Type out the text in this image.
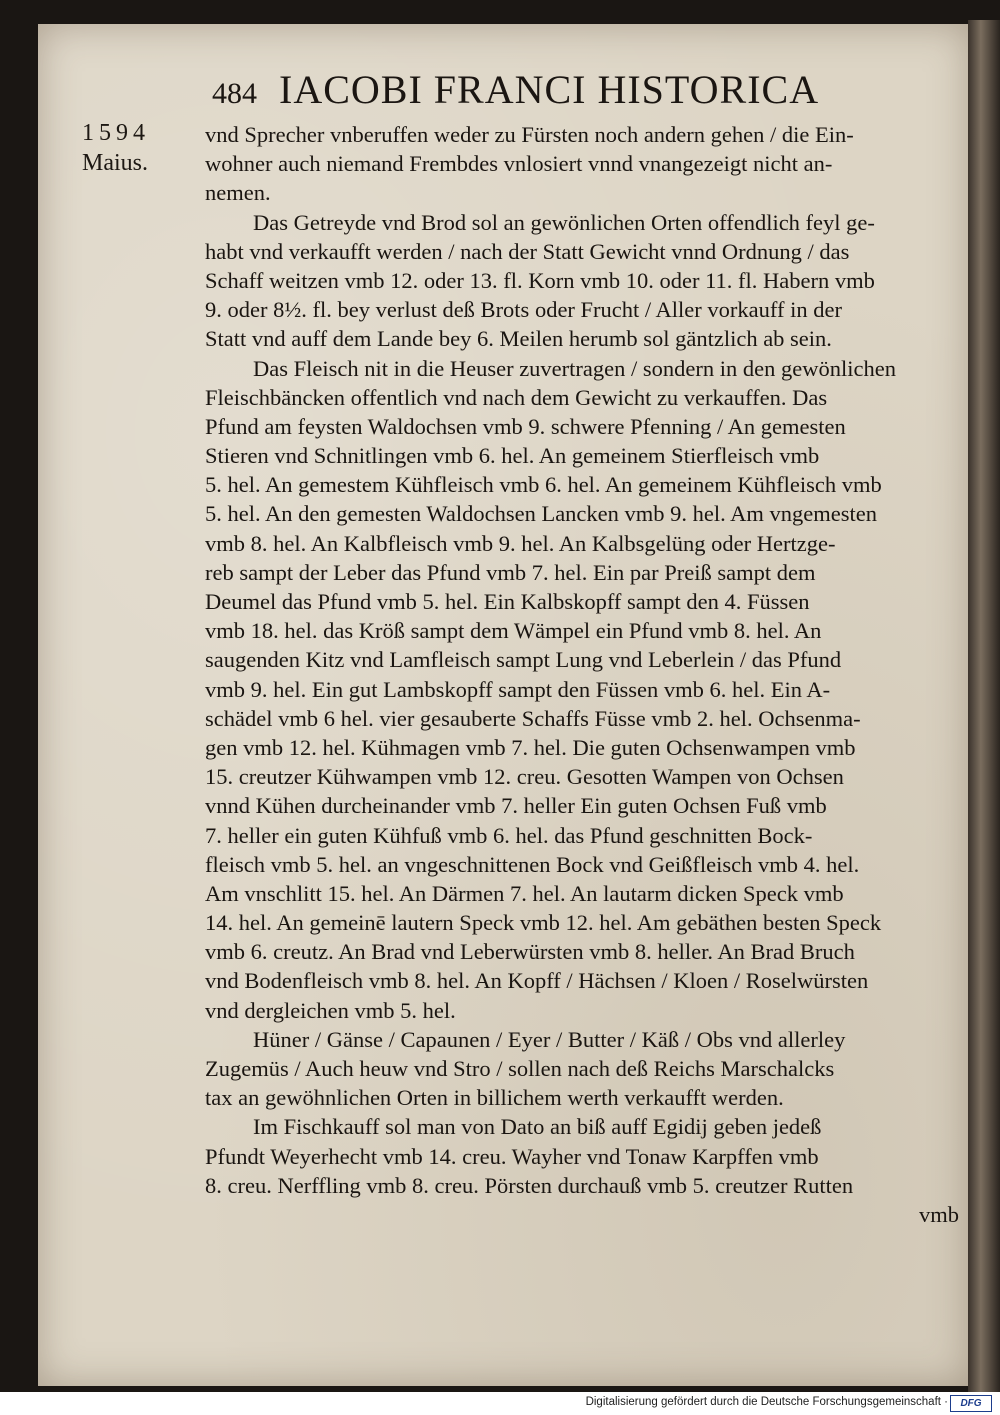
484 IACOBI FRANCI HISTORICA
1594
Maius.
vnd Sprecher vnberuffen weder zu Fürsten noch andern gehen / die Ein-
wohner auch niemand Frembdes vnlosiert vnnd vnangezeigt nicht an-
nemen.
Das Getreyde vnd Brod sol an gewönlichen Orten offendlich feyl ge-
habt vnd verkaufft werden / nach der Statt Gewicht vnnd Ordnung / das
Schaff weitzen vmb 12. oder 13. fl. Korn vmb 10. oder 11. fl. Habern vmb
9. oder 8½. fl. bey verlust deß Brots oder Frucht / Aller vorkauff in der
Statt vnd auff dem Lande bey 6. Meilen herumb sol gäntzlich ab sein.
Das Fleisch nit in die Heuser zuvertragen / sondern in den gewönlichen
Fleischbäncken offentlich vnd nach dem Gewicht zu verkauffen. Das
Pfund am feysten Waldochsen vmb 9. schwere Pfenning / An gemesten
Stieren vnd Schnitlingen vmb 6. hel. An gemeinem Stierfleisch vmb
5. hel. An gemestem Kühfleisch vmb 6. hel. An gemeinem Kühfleisch vmb
5. hel. An den gemesten Waldochsen Lancken vmb 9. hel. Am vngemesten
vmb 8. hel. An Kalbfleisch vmb 9. hel. An Kalbsgelüng oder Hertzge-
reb sampt der Leber das Pfund vmb 7. hel. Ein par Preiß sampt dem
Deumel das Pfund vmb 5. hel. Ein Kalbskopff sampt den 4. Füssen
vmb 18. hel. das Kröß sampt dem Wämpel ein Pfund vmb 8. hel. An
saugenden Kitz vnd Lamfleisch sampt Lung vnd Leberlein / das Pfund
vmb 9. hel. Ein gut Lambskopff sampt den Füssen vmb 6. hel. Ein A-
schädel vmb 6 hel. vier gesauberte Schaffs Füsse vmb 2. hel. Ochsenma-
gen vmb 12. hel. Kühmagen vmb 7. hel. Die guten Ochsenwampen vmb
15. creutzer Kühwampen vmb 12. creu. Gesotten Wampen von Ochsen
vnnd Kühen durcheinander vmb 7. heller Ein guten Ochsen Fuß vmb
7. heller ein guten Kühfuß vmb 6. hel. das Pfund geschnitten Bock-
fleisch vmb 5. hel. an vngeschnittenen Bock vnd Geißfleisch vmb 4. hel.
Am vnschlitt 15. hel. An Därmen 7. hel. An lautarm dicken Speck vmb
14. hel. An gemeinē lautern Speck vmb 12. hel. Am gebäthen besten Speck
vmb 6. creutz. An Brad vnd Leberwürsten vmb 8. heller. An Brad Bruch
vnd Bodenfleisch vmb 8. hel. An Kopff / Hächsen / Kloen / Roselwürsten
vnd dergleichen vmb 5. hel.
Hüner / Gänse / Capaunen / Eyer / Butter / Käß / Obs vnd allerley
Zugemüs / Auch heuw vnd Stro / sollen nach deß Reichs Marschalcks
tax an gewöhnlichen Orten in billichem werth verkaufft werden.
Im Fischkauff sol man von Dato an biß auff Egidij geben jedeß
Pfundt Weyerhecht vmb 14. creu. Wayher vnd Tonaw Karpffen vmb
8. creu. Nerffling vmb 8. creu. Pörsten durchauß vmb 5. creutzer Rutten
vmb
Digitalisierung gefördert durch die Deutsche Forschungsgemeinschaft ·	DFG
